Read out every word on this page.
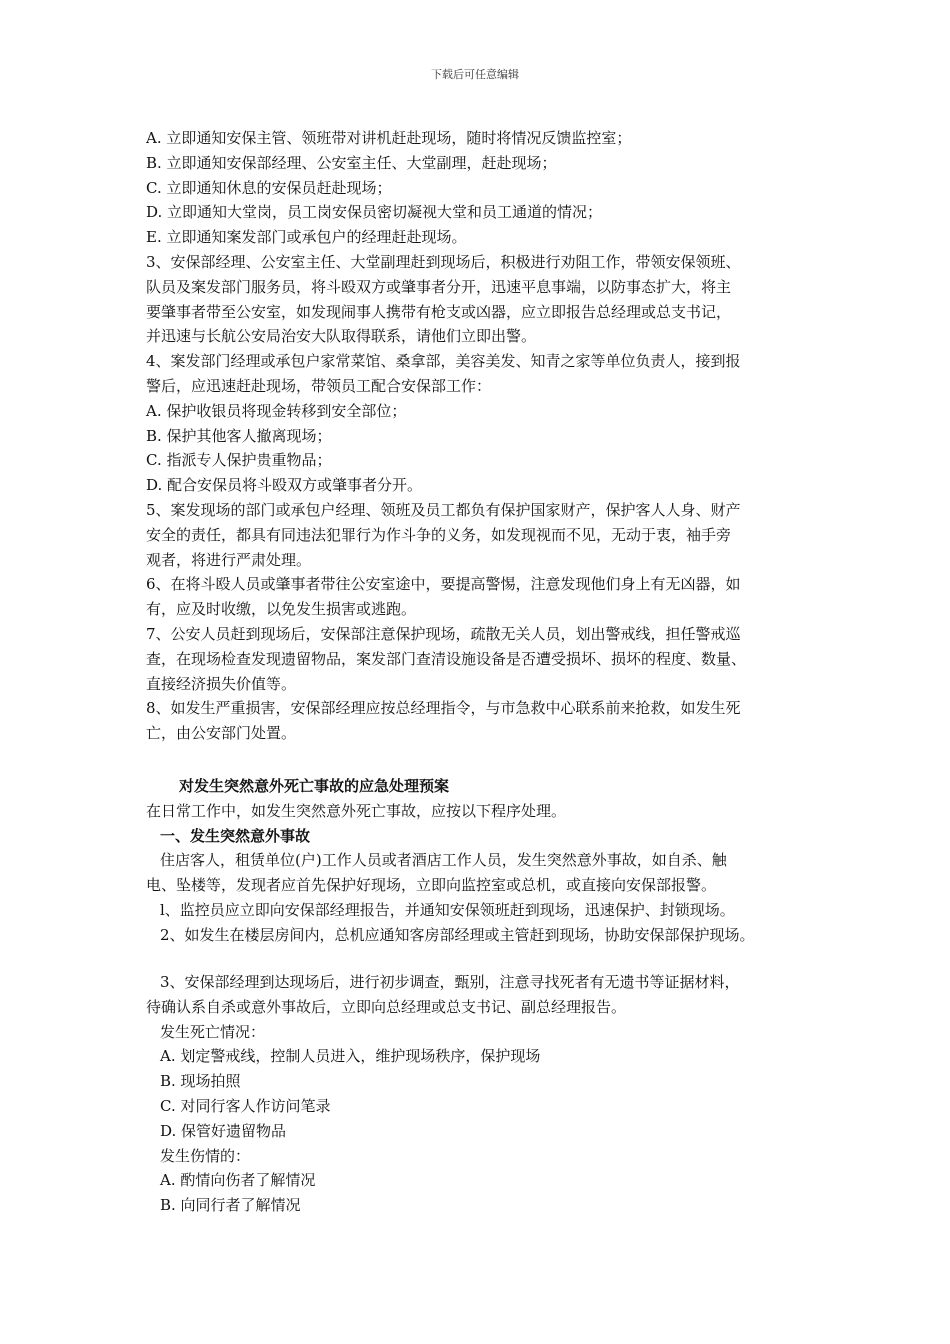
下载后可任意编辑

A. 立即通知安保主管、领班带对讲机赶赴现场，随时将情况反馈监控室；

B. 立即通知安保部经理、公安室主任、大堂副理，赶赴现场；

C. 立即通知休息的安保员赶赴现场；

D. 立即通知大堂岗，员工岗安保员密切凝视大堂和员工通道的情况；

E. 立即通知案发部门或承包户的经理赶赴现场。

3、安保部经理、公安室主任、大堂副理赶到现场后，积极进行劝阻工作，带领安保领班、

队员及案发部门服务员，将斗殴双方或肇事者分开，迅速平息事端，以防事态扩大，将主

要肇事者带至公安室，如发现闹事人携带有枪支或凶器，应立即报告总经理或总支书记，

并迅速与长航公安局治安大队取得联系，请他们立即出警。

4、案发部门经理或承包户家常菜馆、桑拿部，美容美发、知青之家等单位负责人，接到报

警后，应迅速赶赴现场，带领员工配合安保部工作：

A. 保护收银员将现金转移到安全部位；

B. 保护其他客人撤离现场；

C. 指派专人保护贵重物品；

D. 配合安保员将斗殴双方或肇事者分开。

5、案发现场的部门或承包户经理、领班及员工都负有保护国家财产，保护客人人身、财产

安全的责任，都具有同违法犯罪行为作斗争的义务，如发现视而不见，无动于衷，袖手旁

观者，将进行严肃处理。

6、在将斗殴人员或肇事者带往公安室途中，要提高警惕，注意发现他们身上有无凶器，如

有，应及时收缴，以免发生损害或逃跑。

7、公安人员赶到现场后，安保部注意保护现场，疏散无关人员，划出警戒线，担任警戒巡

查，在现场检查发现遗留物品，案发部门查清设施设备是否遭受损坏、损坏的程度、数量、

直接经济损失价值等。

8、如发生严重损害，安保部经理应按总经理指令，与市急救中心联系前来抢救，如发生死

亡，由公安部门处置。

对发生突然意外死亡事故的应急处理预案

在日常工作中，如发生突然意外死亡事故，应按以下程序处理。

一、发生突然意外事故

住店客人，租赁单位(户)工作人员或者酒店工作人员，发生突然意外事故，如自杀、触

电、坠楼等，发现者应首先保护好现场，立即向监控室或总机，或直接向安保部报警。

l、监控员应立即向安保部经理报告，并通知安保领班赶到现场，迅速保护、封锁现场。

2、如发生在楼层房间内，总机应通知客房部经理或主管赶到现场，协助安保部保护现场。

3、安保部经理到达现场后，进行初步调查，甄别，注意寻找死者有无遗书等证据材料，

待确认系自杀或意外事故后，立即向总经理或总支书记、副总经理报告。

发生死亡情况：

A. 划定警戒线，控制人员进入，维护现场秩序，保护现场

B. 现场拍照

C. 对同行客人作访问笔录

D. 保管好遗留物品

发生伤情的：

A. 酌情向伤者了解情况

B. 向同行者了解情况
